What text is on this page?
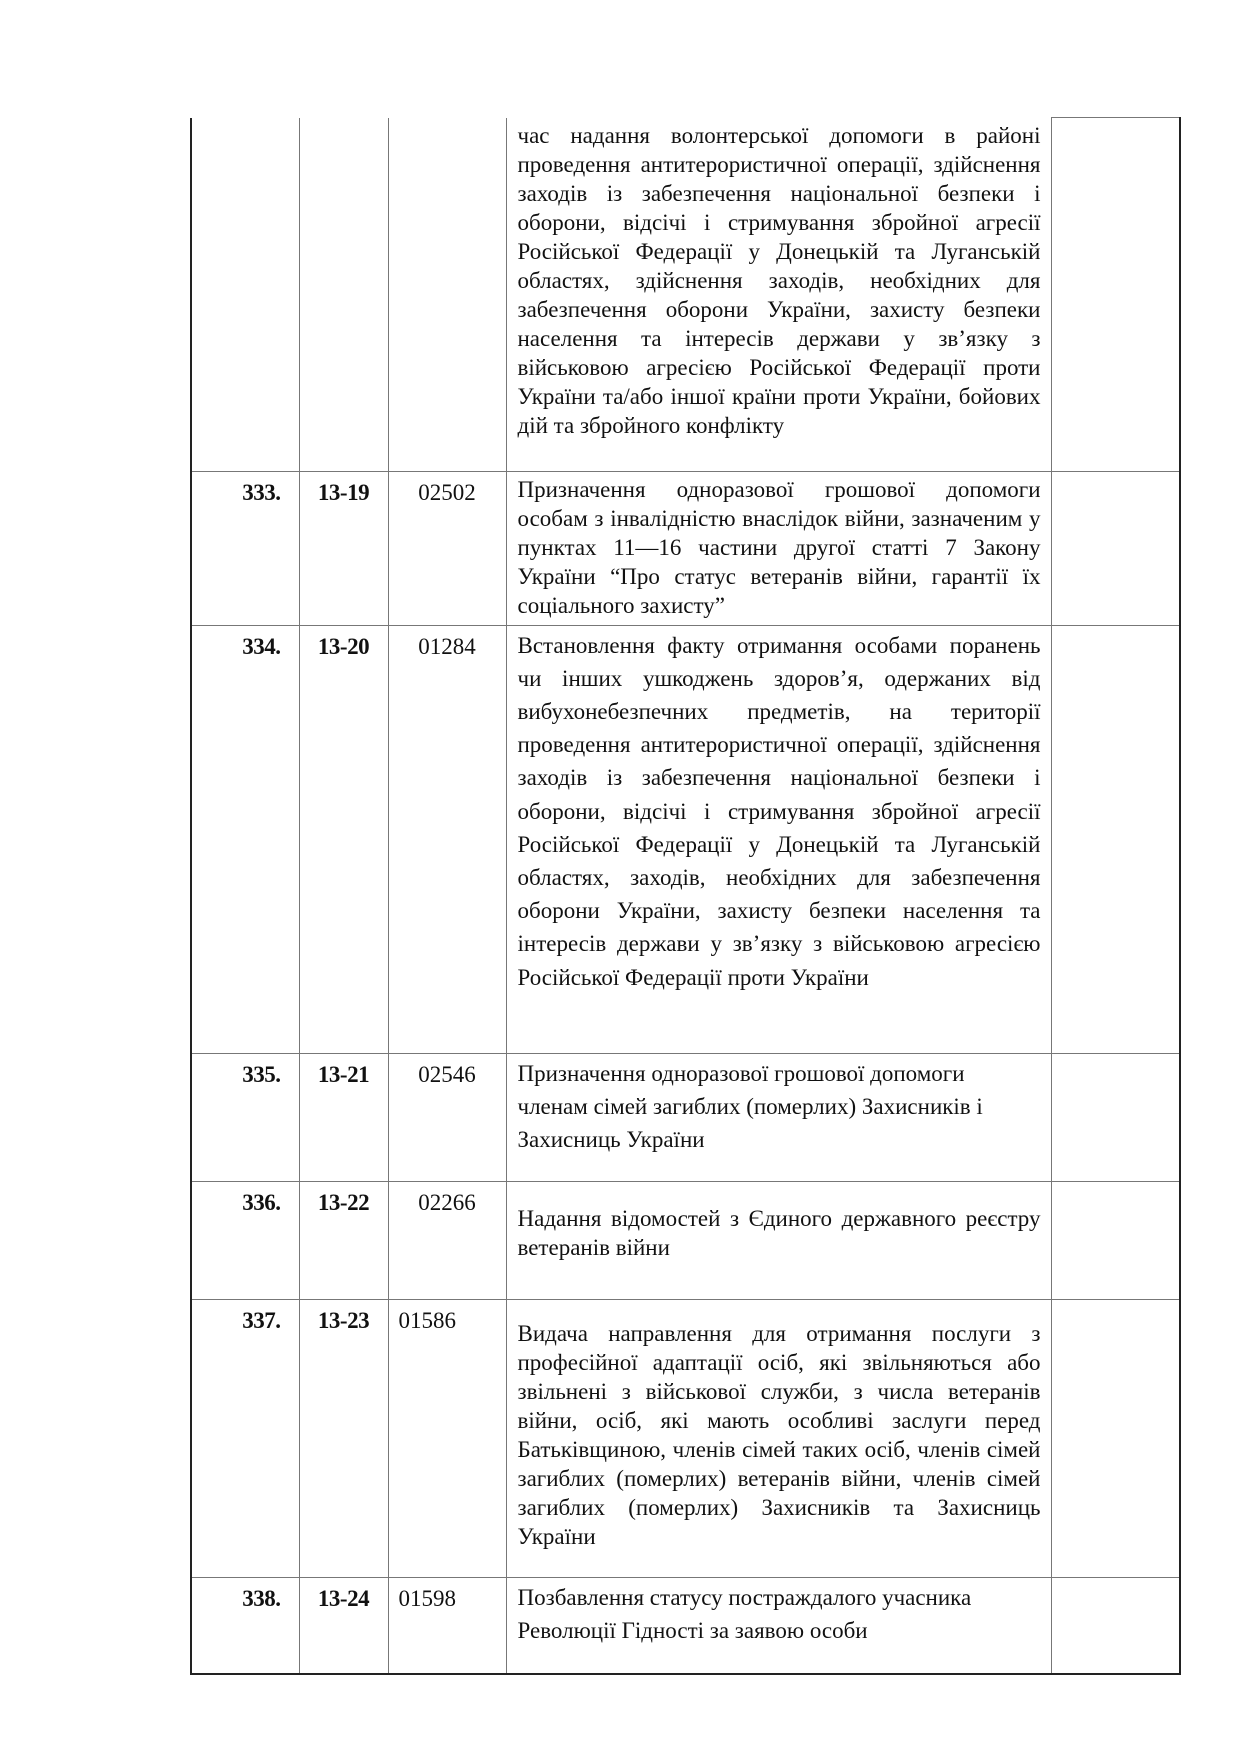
			час надання волонтерської допомоги в районі проведення антитерористичної операції, здійснення заходів із забезпечення національної безпеки і оборони, відсічі і стримування збройної агресії Російської Федерації у Донецькій та Луганській областях, здійснення заходів, необхідних для забезпечення оборони України, захисту безпеки населення та інтересів держави у зв’язку з військовою агресією Російської Федерації проти України та/або іншої країни проти України, бойових дій та збройного конфлікту	
333.	13-19	02502	Призначення одноразової грошової допомоги особам з інвалідністю внаслідок війни, зазначеним у пунктах 11—16 частини другої статті 7 Закону України “Про статус ветеранів війни, гарантії їх соціального захисту”	
334.	13-20	01284	Встановлення факту отримання особами поранень чи інших ушкоджень здоров’я, одержаних від вибухонебезпечних предметів, на території проведення антитерористичної операції, здійснення заходів із забезпечення національної безпеки і оборони, відсічі і стримування збройної агресії Російської Федерації у Донецькій та Луганській областях, заходів, необхідних для забезпечення оборони України, захисту безпеки населення та інтересів держави у зв’язку з військовою агресією Російської Федерації проти України	
335.	13-21	02546	Призначення одноразової грошової допомоги членам сімей загиблих (померлих) Захисників і Захисниць України	
336.	13-22	02266	Надання відомостей з Єдиного державного реєстру ветеранів війни	
337.	13-23	01586	Видача направлення для отримання послуги з професійної адаптації осіб, які звільняються або звільнені з військової служби, з числа ветеранів війни, осіб, які мають особливі заслуги перед Батьківщиною, членів сімей таких осіб, членів сімей загиблих (померлих) ветеранів війни, членів сімей загиблих (померлих) Захисників та Захисниць України	
338.	13-24	01598	Позбавлення статусу постраждалого учасника Революції Гідності за заявою особи	
